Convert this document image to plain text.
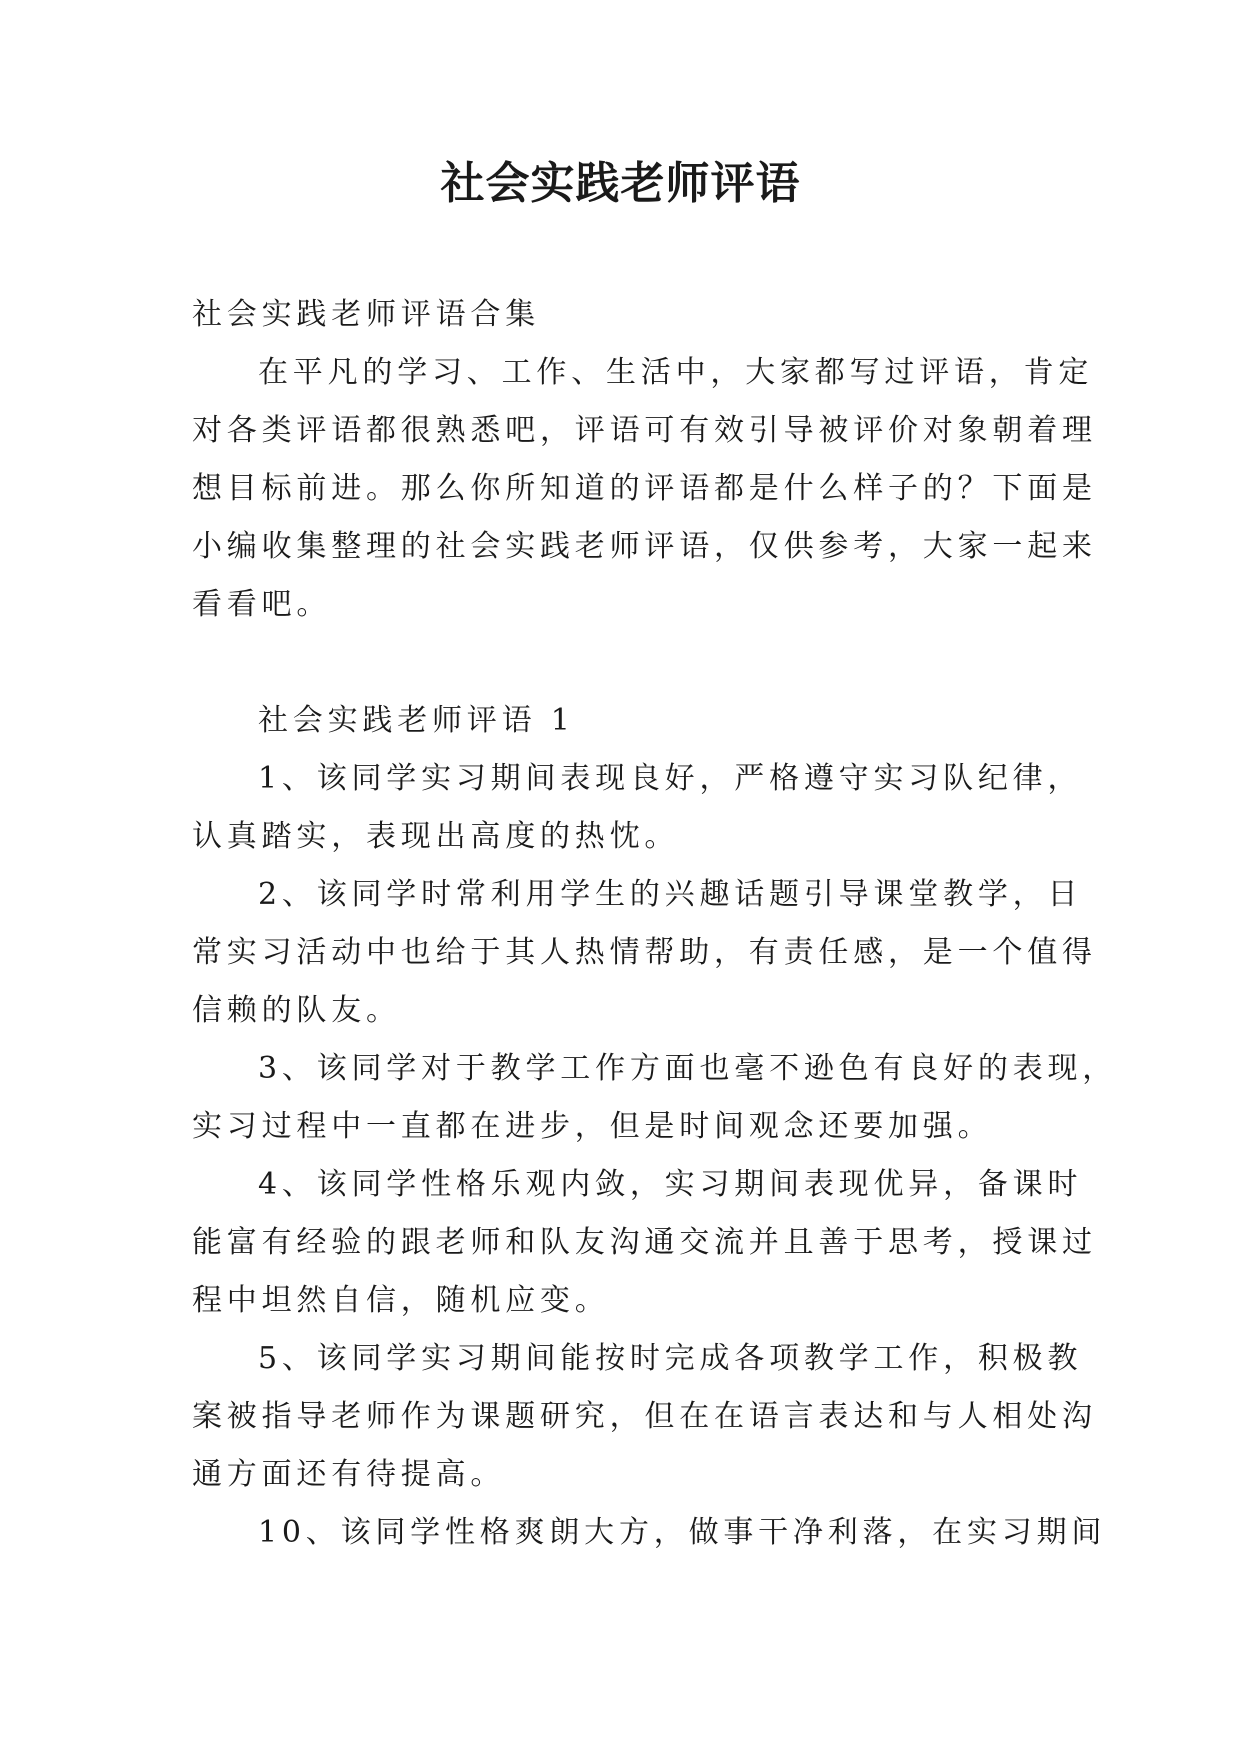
社会实践老师评语

社会实践老师评语合集

在平凡的学习、工作、生活中，大家都写过评语，肯定

对各类评语都很熟悉吧，评语可有效引导被评价对象朝着理

想目标前进。那么你所知道的评语都是什么样子的？下面是

小编收集整理的社会实践老师评语，仅供参考，大家一起来

看看吧。

社会实践老师评语 1

1、该同学实习期间表现良好，严格遵守实习队纪律，

认真踏实，表现出高度的热忱。

2、该同学时常利用学生的兴趣话题引导课堂教学，日

常实习活动中也给于其人热情帮助，有责任感，是一个值得

信赖的队友。

3、该同学对于教学工作方面也毫不逊色有良好的表现，

实习过程中一直都在进步，但是时间观念还要加强。

4、该同学性格乐观内敛，实习期间表现优异，备课时

能富有经验的跟老师和队友沟通交流并且善于思考，授课过

程中坦然自信，随机应变。

5、该同学实习期间能按时完成各项教学工作，积极教

案被指导老师作为课题研究，但在在语言表达和与人相处沟

通方面还有待提高。

10、该同学性格爽朗大方，做事干净利落，在实习期间
